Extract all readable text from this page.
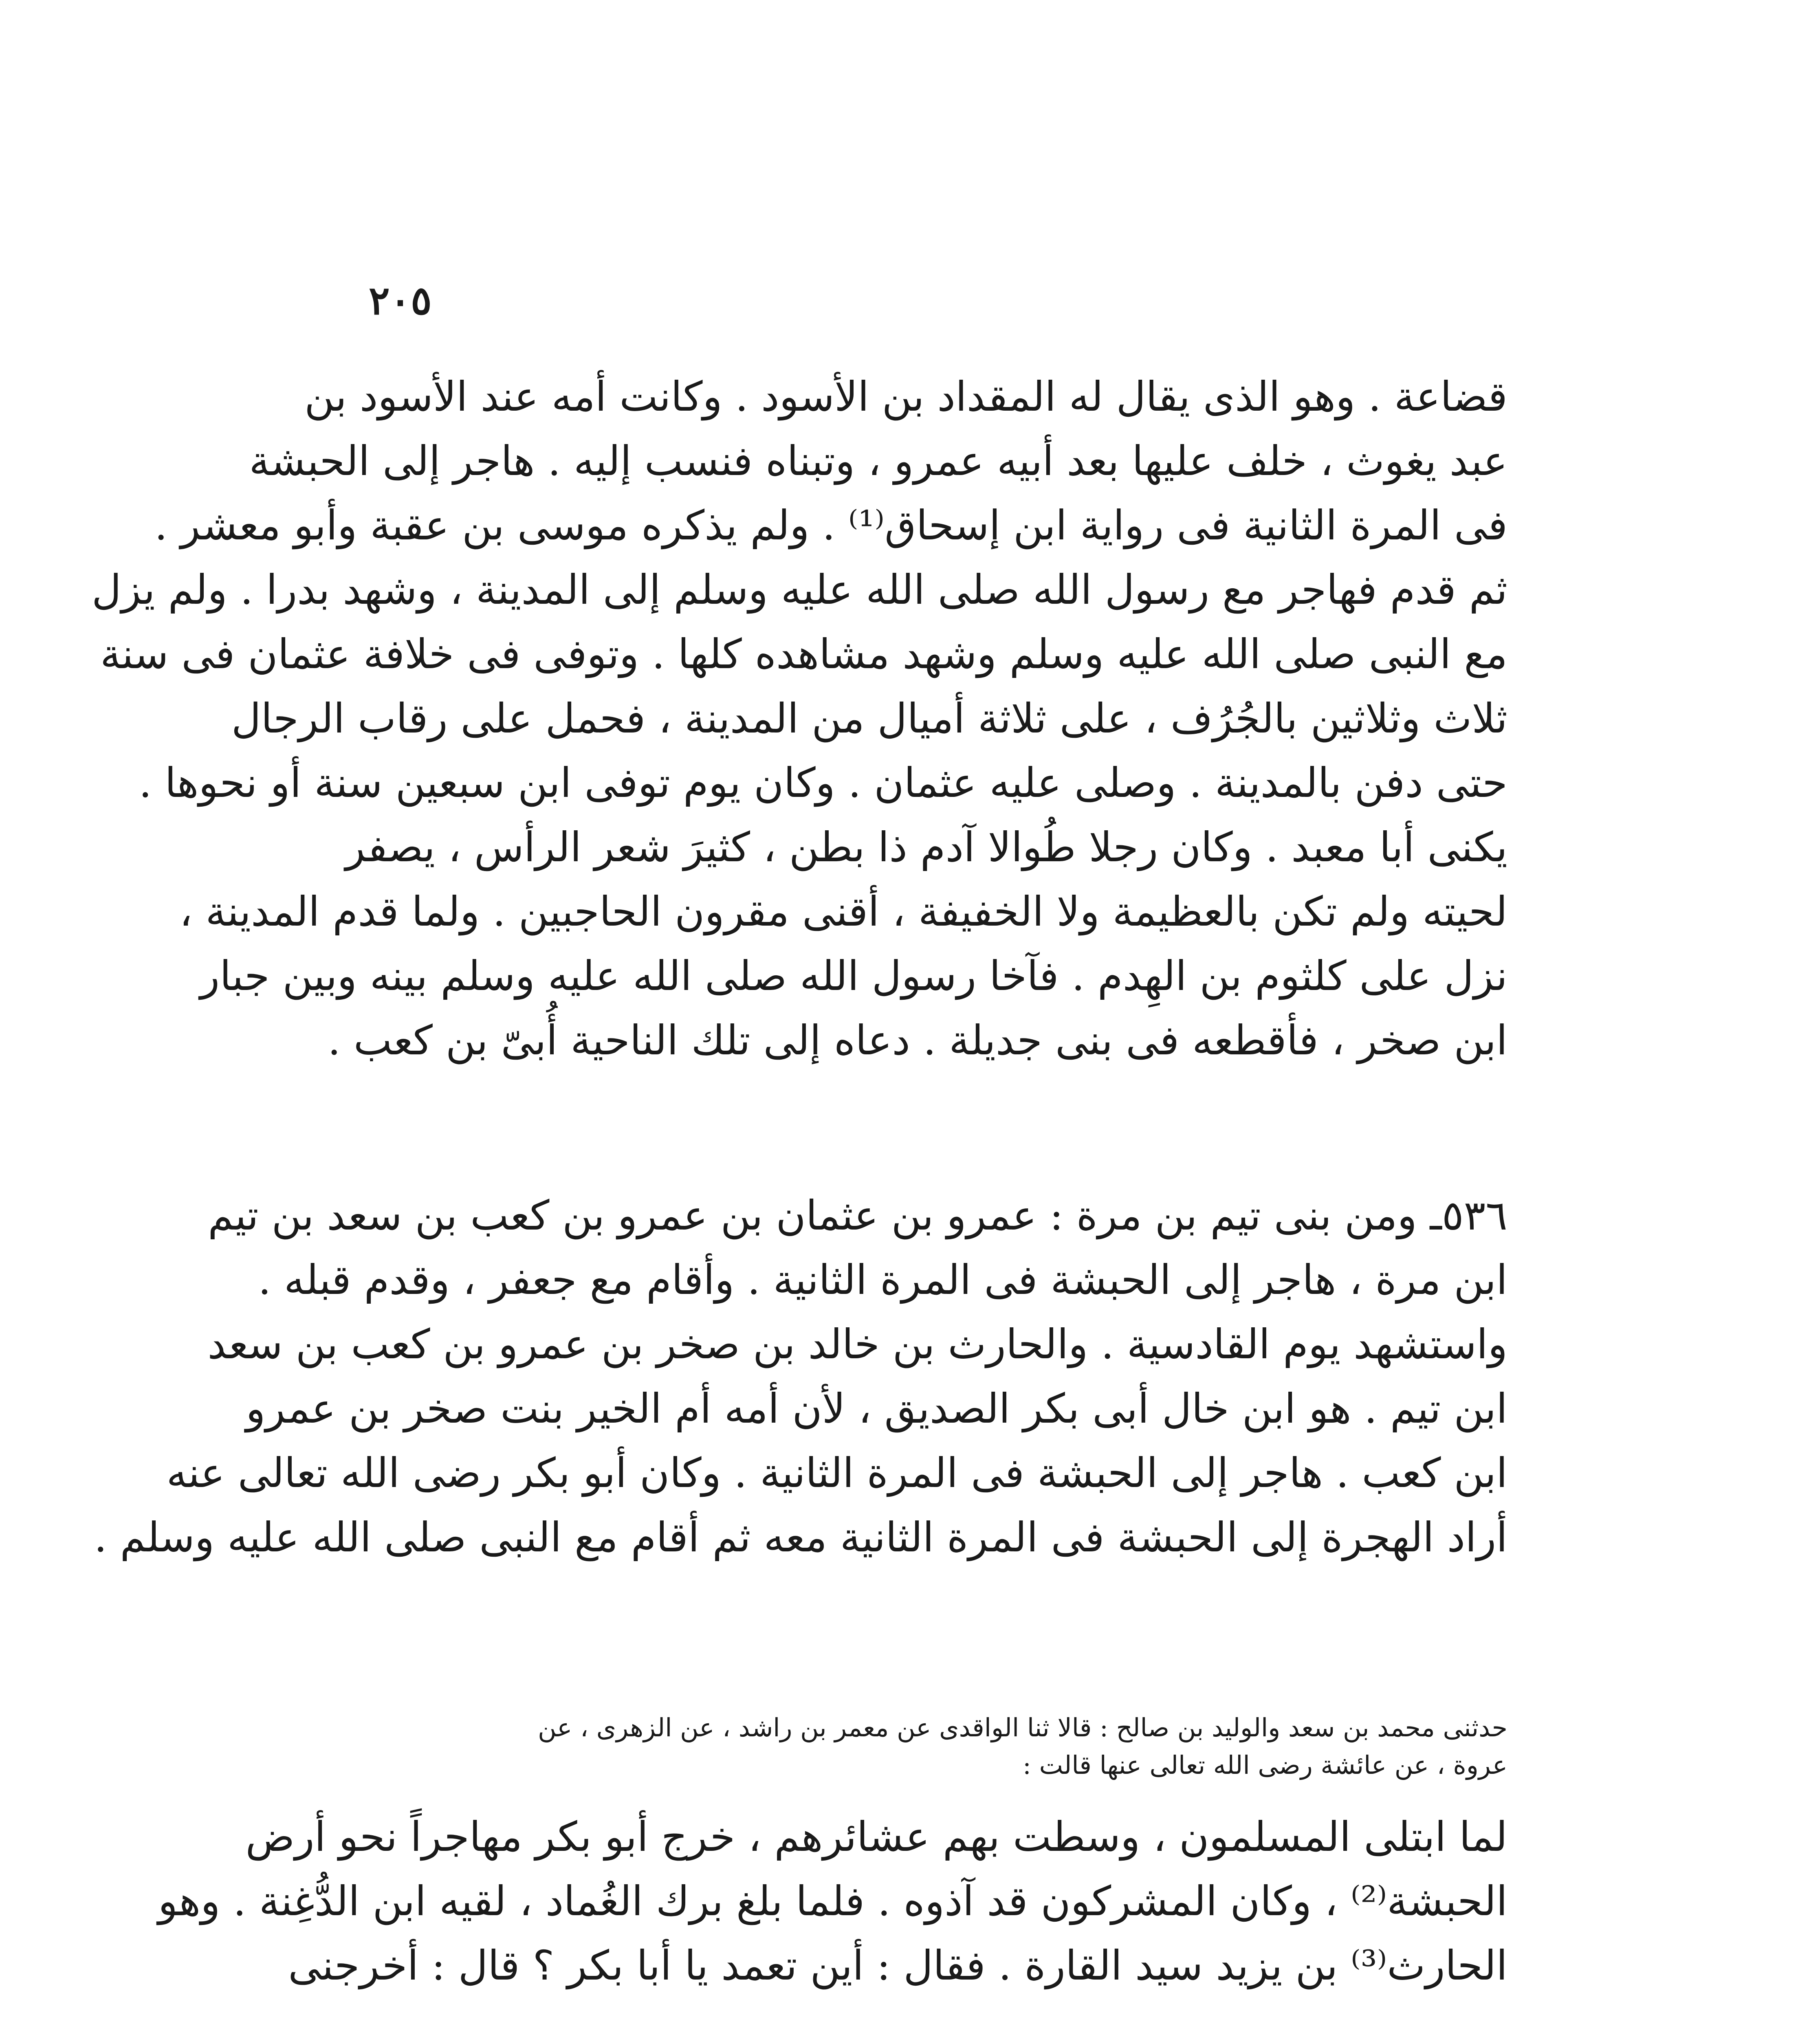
٢٠٥
قضاعة . وهو الذى يقال له المقداد بن الأسود . وكانت أمه عند الأسود بن
عبد يغوث ، خلف عليها بعد أبيه عمرو ، وتبناه فنسب إليه . هاجر إلى الحبشة
فى المرة الثانية فى رواية ابن إسحاق⁽¹⁾ . ولم يذكره موسى بن عقبة وأبو معشر .
ثم قدم فهاجر مع رسول الله صلى الله عليه وسلم إلى المدينة ، وشهد بدرا . ولم يزل
مع النبى صلى الله عليه وسلم وشهد مشاهده كلها . وتوفى فى خلافة عثمان فى سنة
ثلاث وثلاثين بالجُرُف ، على ثلاثة أميال من المدينة ، فحمل على رقاب الرجال
حتى دفن بالمدينة . وصلى عليه عثمان . وكان يوم توفى ابن سبعين سنة أو نحوها .
يكنى أبا معبد . وكان رجلا طُوالا آدم ذا بطن ، كثيرَ شعر الرأس ، يصفر
لحيته ولم تكن بالعظيمة ولا الخفيفة ، أقنى مقرون الحاجبين . ولما قدم المدينة ،
نزل على كلثوم بن الهِدم . فآخا رسول الله صلى الله عليه وسلم بينه وبين جبار
ابن صخر ، فأقطعه فى بنى جديلة . دعاه إلى تلك الناحية أُبىّ بن كعب .
٥٣٦ـ ومن بنى تيم بن مرة : عمرو بن عثمان بن عمرو بن كعب بن سعد بن تيم
ابن مرة ، هاجر إلى الحبشة فى المرة الثانية . وأقام مع جعفر ، وقدم قبله .
واستشهد يوم القادسية . والحارث بن خالد بن صخر بن عمرو بن كعب بن سعد
ابن تيم . هو ابن خال أبى بكر الصديق ، لأن أمه أم الخير بنت صخر بن عمرو
ابن كعب . هاجر إلى الحبشة فى المرة الثانية . وكان أبو بكر رضى الله تعالى عنه
أراد الهجرة إلى الحبشة فى المرة الثانية معه ثم أقام مع النبى صلى الله عليه وسلم .
حدثنى محمد بن سعد والوليد بن صالح : قالا ثنا الواقدى عن معمر بن راشد ، عن الزهرى ، عن
عروة ، عن عائشة رضى الله تعالى عنها قالت :
لما ابتلى المسلمون ، وسطت بهم عشائرهم ، خرج أبو بكر مهاجراً نحو أرض
الحبشة⁽²⁾ ، وكان المشركون قد آذوه . فلما بلغ برك الغُماد ، لقيه ابن الدُّغِنة . وهو
الحارث⁽³⁾ بن يزيد سيد القارة . فقال : أين تعمد يا أبا بكر ؟ قال : أخرجنى
